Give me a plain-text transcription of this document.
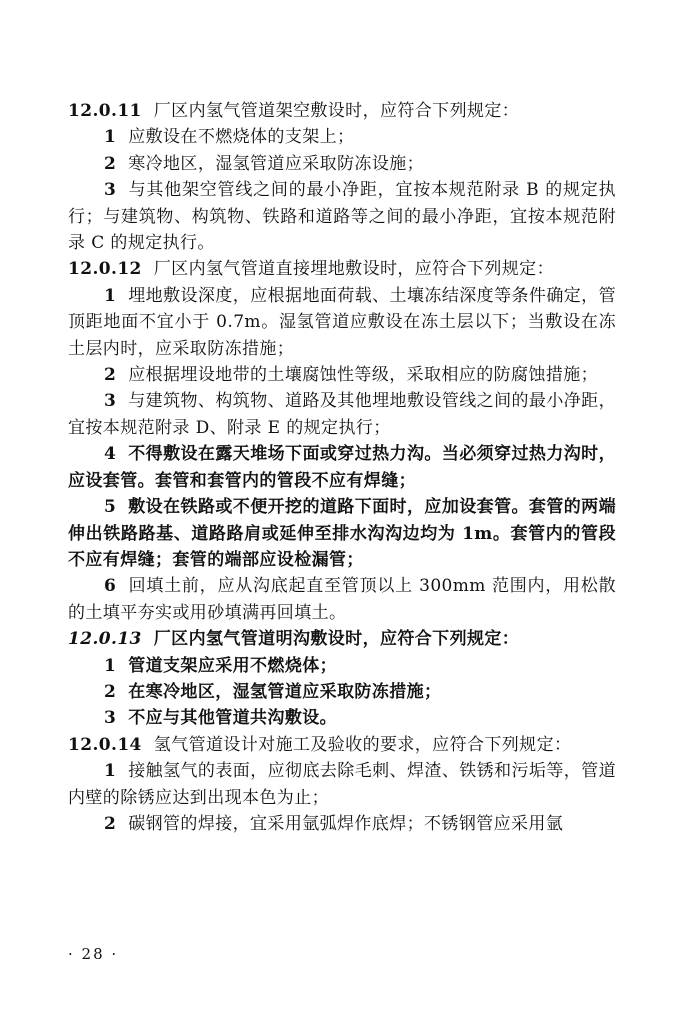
12.0.11 厂区内氢气管道架空敷设时，应符合下列规定：

1 应敷设在不燃烧体的支架上；

2 寒冷地区，湿氢管道应采取防冻设施；

3 与其他架空管线之间的最小净距，宜按本规范附录 B 的规定执行；与建筑物、构筑物、铁路和道路等之间的最小净距，宜按本规范附录 C 的规定执行。

12.0.12 厂区内氢气管道直接埋地敷设时，应符合下列规定：

1 埋地敷设深度，应根据地面荷载、土壤冻结深度等条件确定，管顶距地面不宜小于 0.7m。湿氢管道应敷设在冻土层以下；当敷设在冻土层内时，应采取防冻措施；

2 应根据埋设地带的土壤腐蚀性等级，采取相应的防腐蚀措施；

3 与建筑物、构筑物、道路及其他埋地敷设管线之间的最小净距，宜按本规范附录 D、附录 E 的规定执行；

4 不得敷设在露天堆场下面或穿过热力沟。当必须穿过热力沟时，应设套管。套管和套管内的管段不应有焊缝；

5 敷设在铁路或不便开挖的道路下面时，应加设套管。套管的两端伸出铁路路基、道路路肩或延伸至排水沟沟边均为 1m。套管内的管段不应有焊缝；套管的端部应设检漏管；

6 回填土前，应从沟底起直至管顶以上 300mm 范围内，用松散的土填平夯实或用砂填满再回填土。

12.0.13 厂区内氢气管道明沟敷设时，应符合下列规定：

1 管道支架应采用不燃烧体；

2 在寒冷地区，湿氢管道应采取防冻措施；

3 不应与其他管道共沟敷设。

12.0.14 氢气管道设计对施工及验收的要求，应符合下列规定：

1 接触氢气的表面，应彻底去除毛刺、焊渣、铁锈和污垢等，管道内壁的除锈应达到出现本色为止；

2 碳钢管的焊接，宜采用氩弧焊作底焊；不锈钢管应采用氩

· 28 ·
